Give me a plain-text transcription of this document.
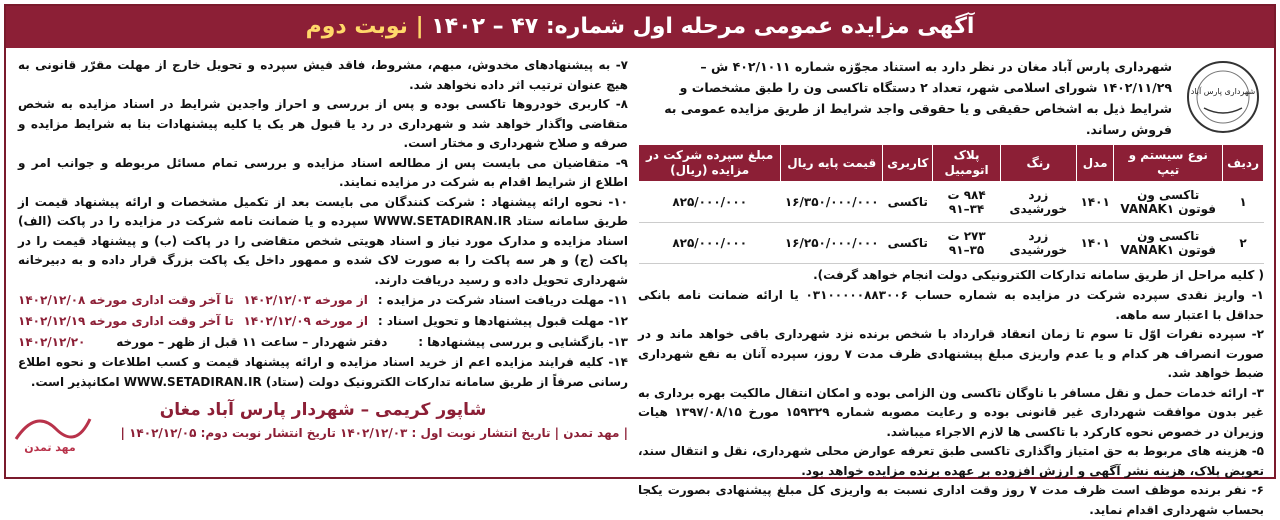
آگهی مزایده عمومی مرحله اول شماره: ۴۷ – ۱۴۰۲ | نوبت دوم
شهرداری پارس آباد
شهرداری پارس آباد مغان در نظر دارد به استناد مجوّزه شماره ۴۰۲/۱۰۱۱ ش – ۱۴۰۲/۱۱/۲۹ شورای اسلامی شهر، تعداد ۲ دستگاه تاکسی ون را طبق مشخصات و شرایط ذیل به اشخاص حقیقی و یا حقوقی واجد شرایط از طریق مزایده عمومی به فروش رساند.
ردیف	نوع سیستم و تیپ	مدل	رنگ	پلاک اتومبیل	کاربری	قیمت پایه ریال	مبلغ سپرده شرکت در مزایده (ریال)
۱	تاکسی ون فوتون VANAK۱	۱۴۰۱	زرد خورشیدی	۹۸۴ ت ۳۴–۹۱	تاکسی	۱۶/۳۵۰/۰۰۰/۰۰۰	۸۲۵/۰۰۰/۰۰۰
۲	تاکسی ون فوتون VANAK۱	۱۴۰۱	زرد خورشیدی	۲۷۳ ت ۳۵–۹۱	تاکسی	۱۶/۲۵۰/۰۰۰/۰۰۰	۸۲۵/۰۰۰/۰۰۰
( کلیه مراحل از طریق سامانه تدارکات الکترونیکی دولت انجام خواهد گرفت).

۱- واریز نقدی سپرده شرکت در مزایده به شماره حساب ۰۳۱۰۰۰۰۰۸۸۳۰۰۶ یا ارائه ضمانت نامه بانکی حداقل با اعتبار سه ماهه.

۲- سپرده نفرات اوّل تا سوم تا زمان انعقاد قرارداد با شخص برنده نزد شهرداری باقی خواهد ماند و در صورت انصراف هر کدام و یا عدم واریزی مبلغ پیشنهادی ظرف مدت ۷ روز، سپرده آنان به نفع شهرداری ضبط خواهد شد.

۳- ارائه خدمات حمل و نقل مسافر با ناوگان تاکسی ون الزامی بوده و امکان انتقال مالکیت بهره برداری به غیر بدون موافقت شهرداری غیر قانونی بوده و رعایت مصوبه شماره ۱۵۹۳۲۹ مورخ ۱۳۹۷/۰۸/۱۵ هیات وزیران در خصوص نحوه کارکرد با تاکسی ها لازم الاجراء میباشد.

۵- هزینه های مربوط به حق امتیاز واگذاری تاکسی طبق تعرفه عوارض محلی شهرداری، نقل و انتقال سند، تعویض پلاک، هزینه نشر آگهی و ارزش افزوده بر عهده برنده مزایده خواهد بود.

۶- نفر برنده موظف است ظرف مدت ۷ روز وقت اداری نسبت به واریزی کل مبلغ پیشنهادی بصورت یکجا بحساب شهرداری اقدام نماید.

۷- به پیشنهادهای مخدوش، مبهم، مشروط، فاقد فیش سپرده و تحویل خارج از مهلت مقرّر قانونی به هیچ عنوان ترتیب اثر داده نخواهد شد.

۸- کاربری خودروها تاکسی بوده و پس از بررسی و احراز واجدین شرایط در اسناد مزایده به شخص متقاضی واگذار خواهد شد و شهرداری در رد یا قبول هر یک یا کلیه پیشنهادات بنا به شرایط مزایده و صرفه و صلاح شهرداری و مختار است.

۹- متقاضیان می بایست پس از مطالعه اسناد مزایده و بررسی تمام مسائل مربوطه و جوانب امر و اطلاع از شرایط اقدام به شرکت در مزایده نمایند.

۱۰- نحوه ارائه پیشنهاد : شرکت کنندگان می بایست بعد از تکمیل مشخصات و ارائه پیشنهاد قیمت از طریق سامانه ستاد WWW.SETADIRAN.IR سپرده و یا ضمانت نامه شرکت در مزایده را در پاکت (الف) اسناد مزایده و مدارک مورد نیاز و اسناد هویتی شخص متقاضی را در پاکت (ب) و پیشنهاد قیمت را در پاکت (ج) و هر سه پاکت را به صورت لاک شده و ممهور داخل یک پاکت بزرگ قرار داده و به دبیرخانه شهرداری تحویل داده و رسید دریافت دارند.

۱۱- مهلت دریافت اسناد شرکت در مزایده :
از مورخه ۱۴۰۲/۱۲/۰۳
تا آخر وقت اداری مورخه ۱۴۰۲/۱۲/۰۸
۱۲- مهلت قبول پیشنهادها و تحویل اسناد :
از مورخه ۱۴۰۲/۱۲/۰۹
تا آخر وقت اداری مورخه ۱۴۰۲/۱۲/۱۹
۱۳- بازگشایی و بررسی پیشنهادها :
دفتر شهردار – ساعت ۱۱ قبل از ظهر – مورخه
۱۴۰۲/۱۲/۲۰

۱۴- کلیه فرایند مزایده اعم از خرید اسناد مزایده و ارائه پیشنهاد قیمت و کسب اطلاعات و نحوه اطلاع رسانی صرفاً از طریق سامانه تدارکات الکترونیک دولت (ستاد) WWW.SETADIRAN.IR امکانپذیر است.

شاپور کریمی – شهردار پارس آباد مغان
| مهد تمدن | تاریخ انتشار نوبت اول : ۱۴۰۲/۱۲/۰۳ تاریخ انتشار نوبت دوم: ۱۴۰۲/۱۲/۰۵ |
مهد تمدن
